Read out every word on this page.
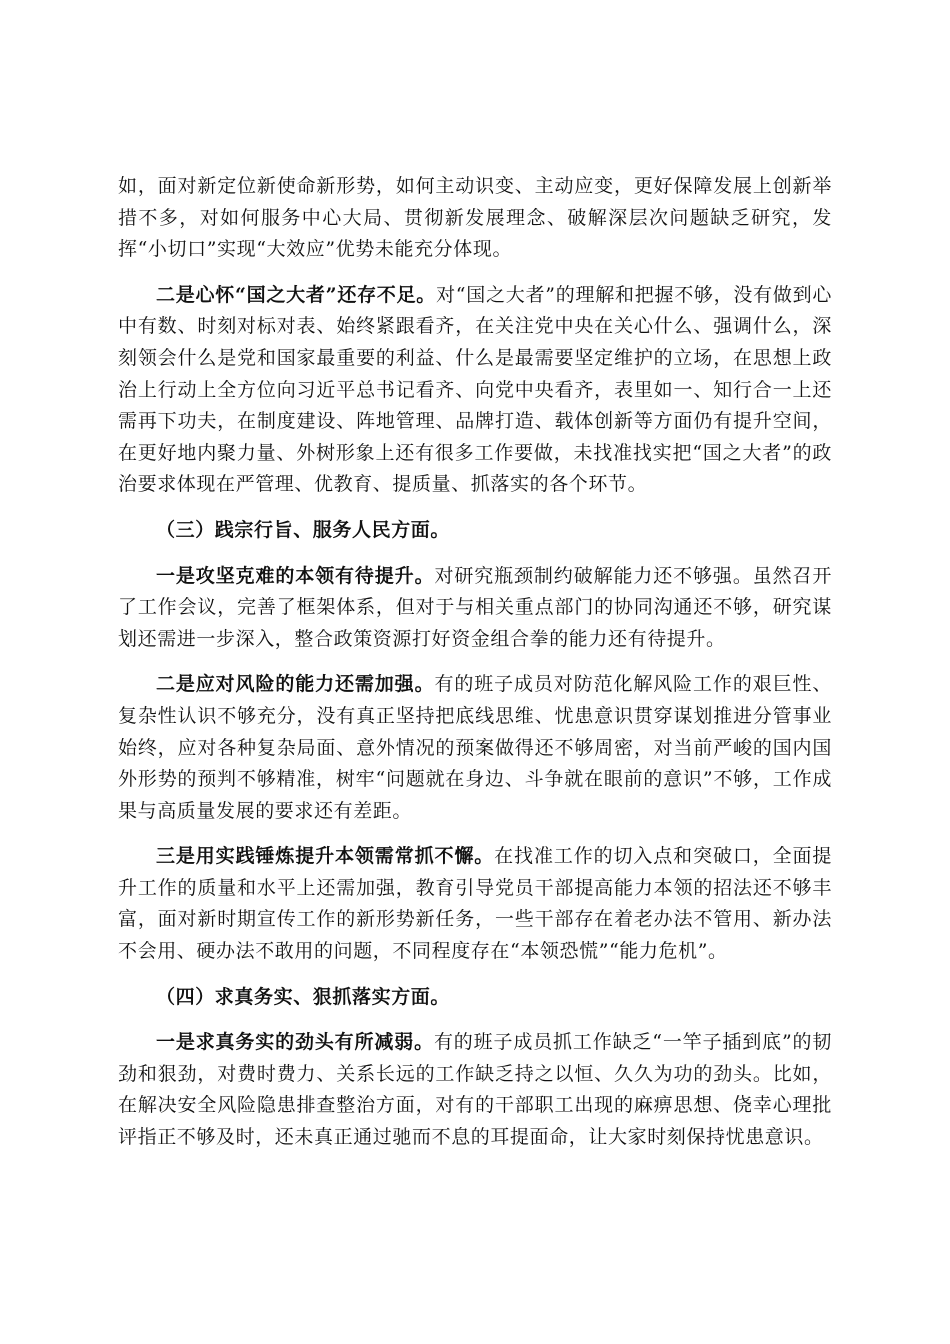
如，面对新定位新使命新形势，如何主动识变、主动应变，更好保障发展上创新举措不多，对如何服务中心大局、贯彻新发展理念、破解深层次问题缺乏研究，发挥“小切口”实现“大效应”优势未能充分体现。

二是心怀“国之大者”还存不足。对“国之大者”的理解和把握不够，没有做到心中有数、时刻对标对表、始终紧跟看齐，在关注党中央在关心什么、强调什么，深刻领会什么是党和国家最重要的利益、什么是最需要坚定维护的立场，在思想上政治上行动上全方位向习近平总书记看齐、向党中央看齐，表里如一、知行合一上还需再下功夫，在制度建设、阵地管理、品牌打造、载体创新等方面仍有提升空间，在更好地内聚力量、外树形象上还有很多工作要做，未找准找实把“国之大者”的政治要求体现在严管理、优教育、提质量、抓落实的各个环节。

（三）践宗行旨、服务人民方面。

一是攻坚克难的本领有待提升。对研究瓶颈制约破解能力还不够强。虽然召开了工作会议，完善了框架体系，但对于与相关重点部门的协同沟通还不够，研究谋划还需进一步深入，整合政策资源打好资金组合拳的能力还有待提升。

二是应对风险的能力还需加强。有的班子成员对防范化解风险工作的艰巨性、复杂性认识不够充分，没有真正坚持把底线思维、忧患意识贯穿谋划推进分管事业始终，应对各种复杂局面、意外情况的预案做得还不够周密，对当前严峻的国内国外形势的预判不够精准，树牢“问题就在身边、斗争就在眼前的意识”不够，工作成果与高质量发展的要求还有差距。

三是用实践锤炼提升本领需常抓不懈。在找准工作的切入点和突破口，全面提升工作的质量和水平上还需加强，教育引导党员干部提高能力本领的招法还不够丰富，面对新时期宣传工作的新形势新任务，一些干部存在着老办法不管用、新办法不会用、硬办法不敢用的问题，不同程度存在“本领恐慌”“能力危机”。

（四）求真务实、狠抓落实方面。

一是求真务实的劲头有所减弱。有的班子成员抓工作缺乏“一竿子插到底”的韧劲和狠劲，对费时费力、关系长远的工作缺乏持之以恒、久久为功的劲头。比如，在解决安全风险隐患排查整治方面，对有的干部职工出现的麻痹思想、侥幸心理批评指正不够及时，还未真正通过驰而不息的耳提面命，让大家时刻保持忧患意识。
